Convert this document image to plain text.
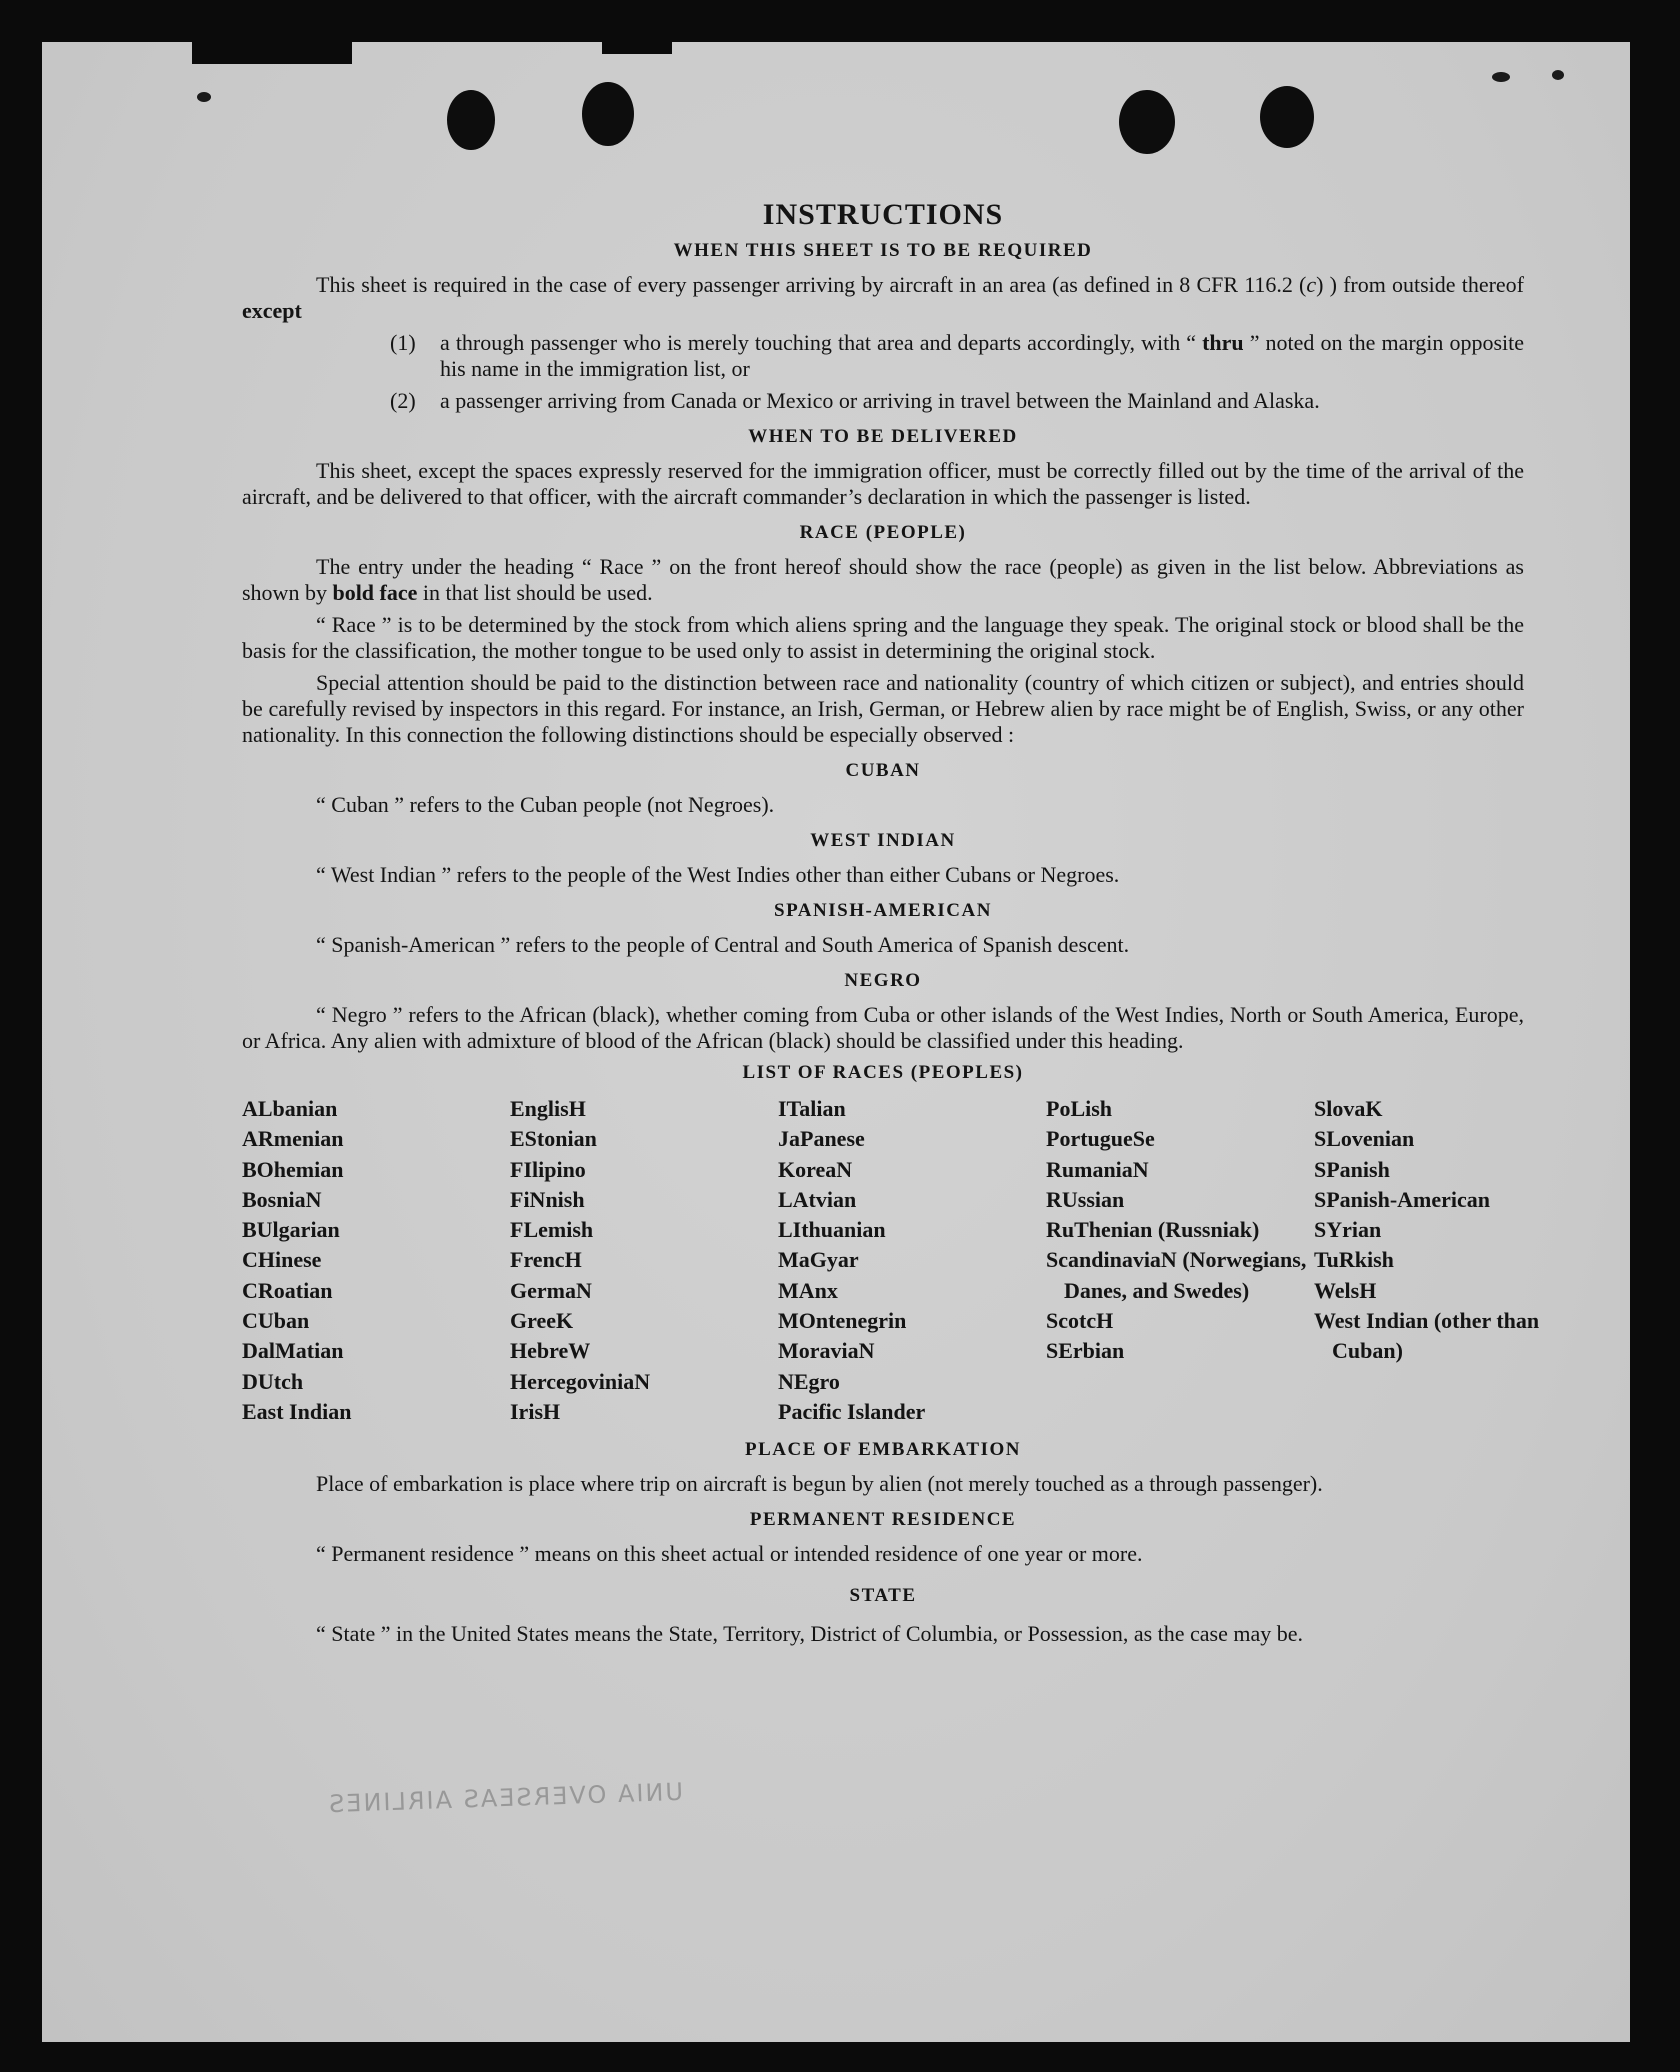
UNIA OVERSEAS AIRLINES
INSTRUCTIONS
WHEN THIS SHEET IS TO BE REQUIRED

This sheet is required in the case of every passenger arriving by aircraft in an area (as defined in 8 CFR 116.2 (c) ) from outside thereof except

(1)	a through passenger who is merely touching that area and departs accordingly, with “ thru ” noted on the margin opposite his name in the immigration list, or
(2)	a passenger arriving from Canada or Mexico or arriving in travel between the Mainland and Alaska.
WHEN TO BE DELIVERED

This sheet, except the spaces expressly reserved for the immigration officer, must be correctly filled out by the time of the arrival of the aircraft, and be delivered to that officer, with the aircraft commander’s declaration in which the passenger is listed.

RACE (PEOPLE)

The entry under the heading “ Race ” on the front hereof should show the race (people) as given in the list below. Abbreviations as shown by bold face in that list should be used.

“ Race ” is to be determined by the stock from which aliens spring and the language they speak. The original stock or blood shall be the basis for the classification, the mother tongue to be used only to assist in determining the original stock.

Special attention should be paid to the distinction between race and nationality (country of which citizen or subject), and entries should be carefully revised by inspectors in this regard. For instance, an Irish, German, or Hebrew alien by race might be of English, Swiss, or any other nationality. In this connection the following distinctions should be especially observed :

CUBAN
“ Cuban ” refers to the Cuban people (not Negroes).
WEST INDIAN
“ West Indian ” refers to the people of the West Indies other than either Cubans or Negroes.
SPANISH-AMERICAN
“ Spanish-American ” refers to the people of Central and South America of Spanish descent.
NEGRO

“ Negro ” refers to the African (black), whether coming from Cuba or other islands of the West Indies, North or South America, Europe, or Africa. Any alien with admixture of blood of the African (black) should be classified under this heading.

LIST OF RACES (PEOPLES)
ALbanian
ARmenian
BOhemian
BosniaN
BUlgarian
CHinese
CRoatian
CUban
DalMatian
DUtch
East Indian
EnglisH
EStonian
FIlipino
FiNnish
FLemish
FrencH
GermaN
GreeK
HebreW
HercegoviniaN
IrisH
ITalian
JaPanese
KoreaN
LAtvian
LIthuanian
MaGyar
MAnx
MOntenegrin
MoraviaN
NEgro
Pacific Islander
PoLish
PortugueSe
RumaniaN
RUssian
RuThenian (Russniak)
ScandinaviaN (Norwegians, Danes, and Swedes)
ScotcH
SErbian
SlovaK
SLovenian
SPanish
SPanish-American
SYrian
TuRkish
WelsH
West Indian (other than Cuban)
PLACE OF EMBARKATION

Place of embarkation is place where trip on aircraft is begun by alien (not merely touched as a through passenger).

PERMANENT RESIDENCE
“ Permanent residence ” means on this sheet actual or intended residence of one year or more.
STATE

“ State ” in the United States means the State, Territory, District of Columbia, or Possession, as the case may be.
